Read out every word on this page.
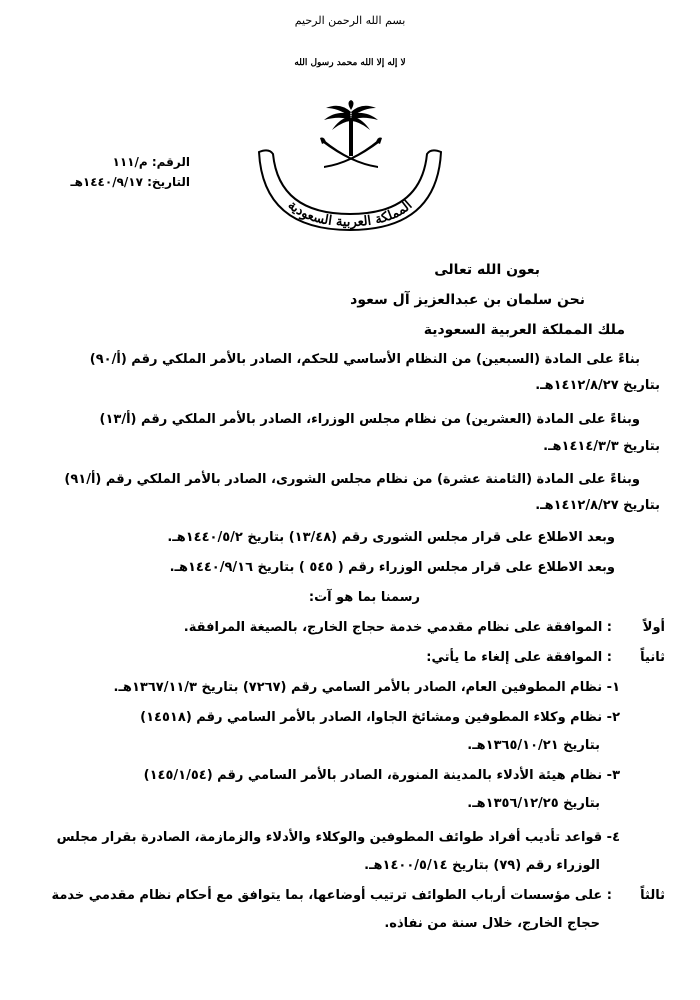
بسم الله الرحمن الرحيم
لا إله إلا الله محمد رسول الله
المملكة العربية السعودية
الرقم: م/١١١
التاريخ: ١٤٤٠/٩/١٧هـ
بعون الله تعالى
نحن سلمان بن عبدالعزيز آل سعود
ملك المملكة العربية السعودية
بناءً على المادة (السبعين) من النظام الأساسي للحكم، الصادر بالأمر الملكي رقم (أ/٩٠)
بتاريخ ١٤١٢/٨/٢٧هـ.
وبناءً على المادة (العشرين) من نظام مجلس الوزراء، الصادر بالأمر الملكي رقم (أ/١٣)
بتاريخ ١٤١٤/٣/٣هـ.
وبناءً على المادة (الثامنة عشرة) من نظام مجلس الشورى، الصادر بالأمر الملكي رقم (أ/٩١)
بتاريخ ١٤١٢/٨/٢٧هـ.
وبعد الاطلاع على قرار مجلس الشورى رقم (١٣/٤٨) بتاريخ ١٤٤٠/٥/٢هـ.
وبعد الاطلاع على قرار مجلس الوزراء رقم ( ٥٤٥ ) بتاريخ ١٤٤٠/٩/١٦هـ.
رسمنا بما هو آت:
أولاً
: الموافقة على نظام مقدمي خدمة حجاج الخارج، بالصيغة المرافقة.
ثانياً
: الموافقة على إلغاء ما يأتي:
١- نظام المطوفين العام، الصادر بالأمر السامي رقم (٧٢٦٧) بتاريخ ١٣٦٧/١١/٣هـ.
٢- نظام وكلاء المطوفين ومشائخ الجاوا، الصادر بالأمر السامي رقم (١٤٥١٨)
بتاريخ ١٣٦٥/١٠/٢١هـ.
٣- نظام هيئة الأدلاء بالمدينة المنورة، الصادر بالأمر السامي رقم (١٤٥/١/٥٤)
بتاريخ ١٣٥٦/١٢/٢٥هـ.
٤- قواعد تأديب أفراد طوائف المطوفين والوكلاء والأدلاء والزمازمة، الصادرة بقرار مجلس
الوزراء رقم (٧٩) بتاريخ ١٤٠٠/٥/١٤هـ.
ثالثاً
: على مؤسسات أرباب الطوائف ترتيب أوضاعها، بما يتوافق مع أحكام نظام مقدمي خدمة
حجاج الخارج، خلال سنة من نفاذه.
